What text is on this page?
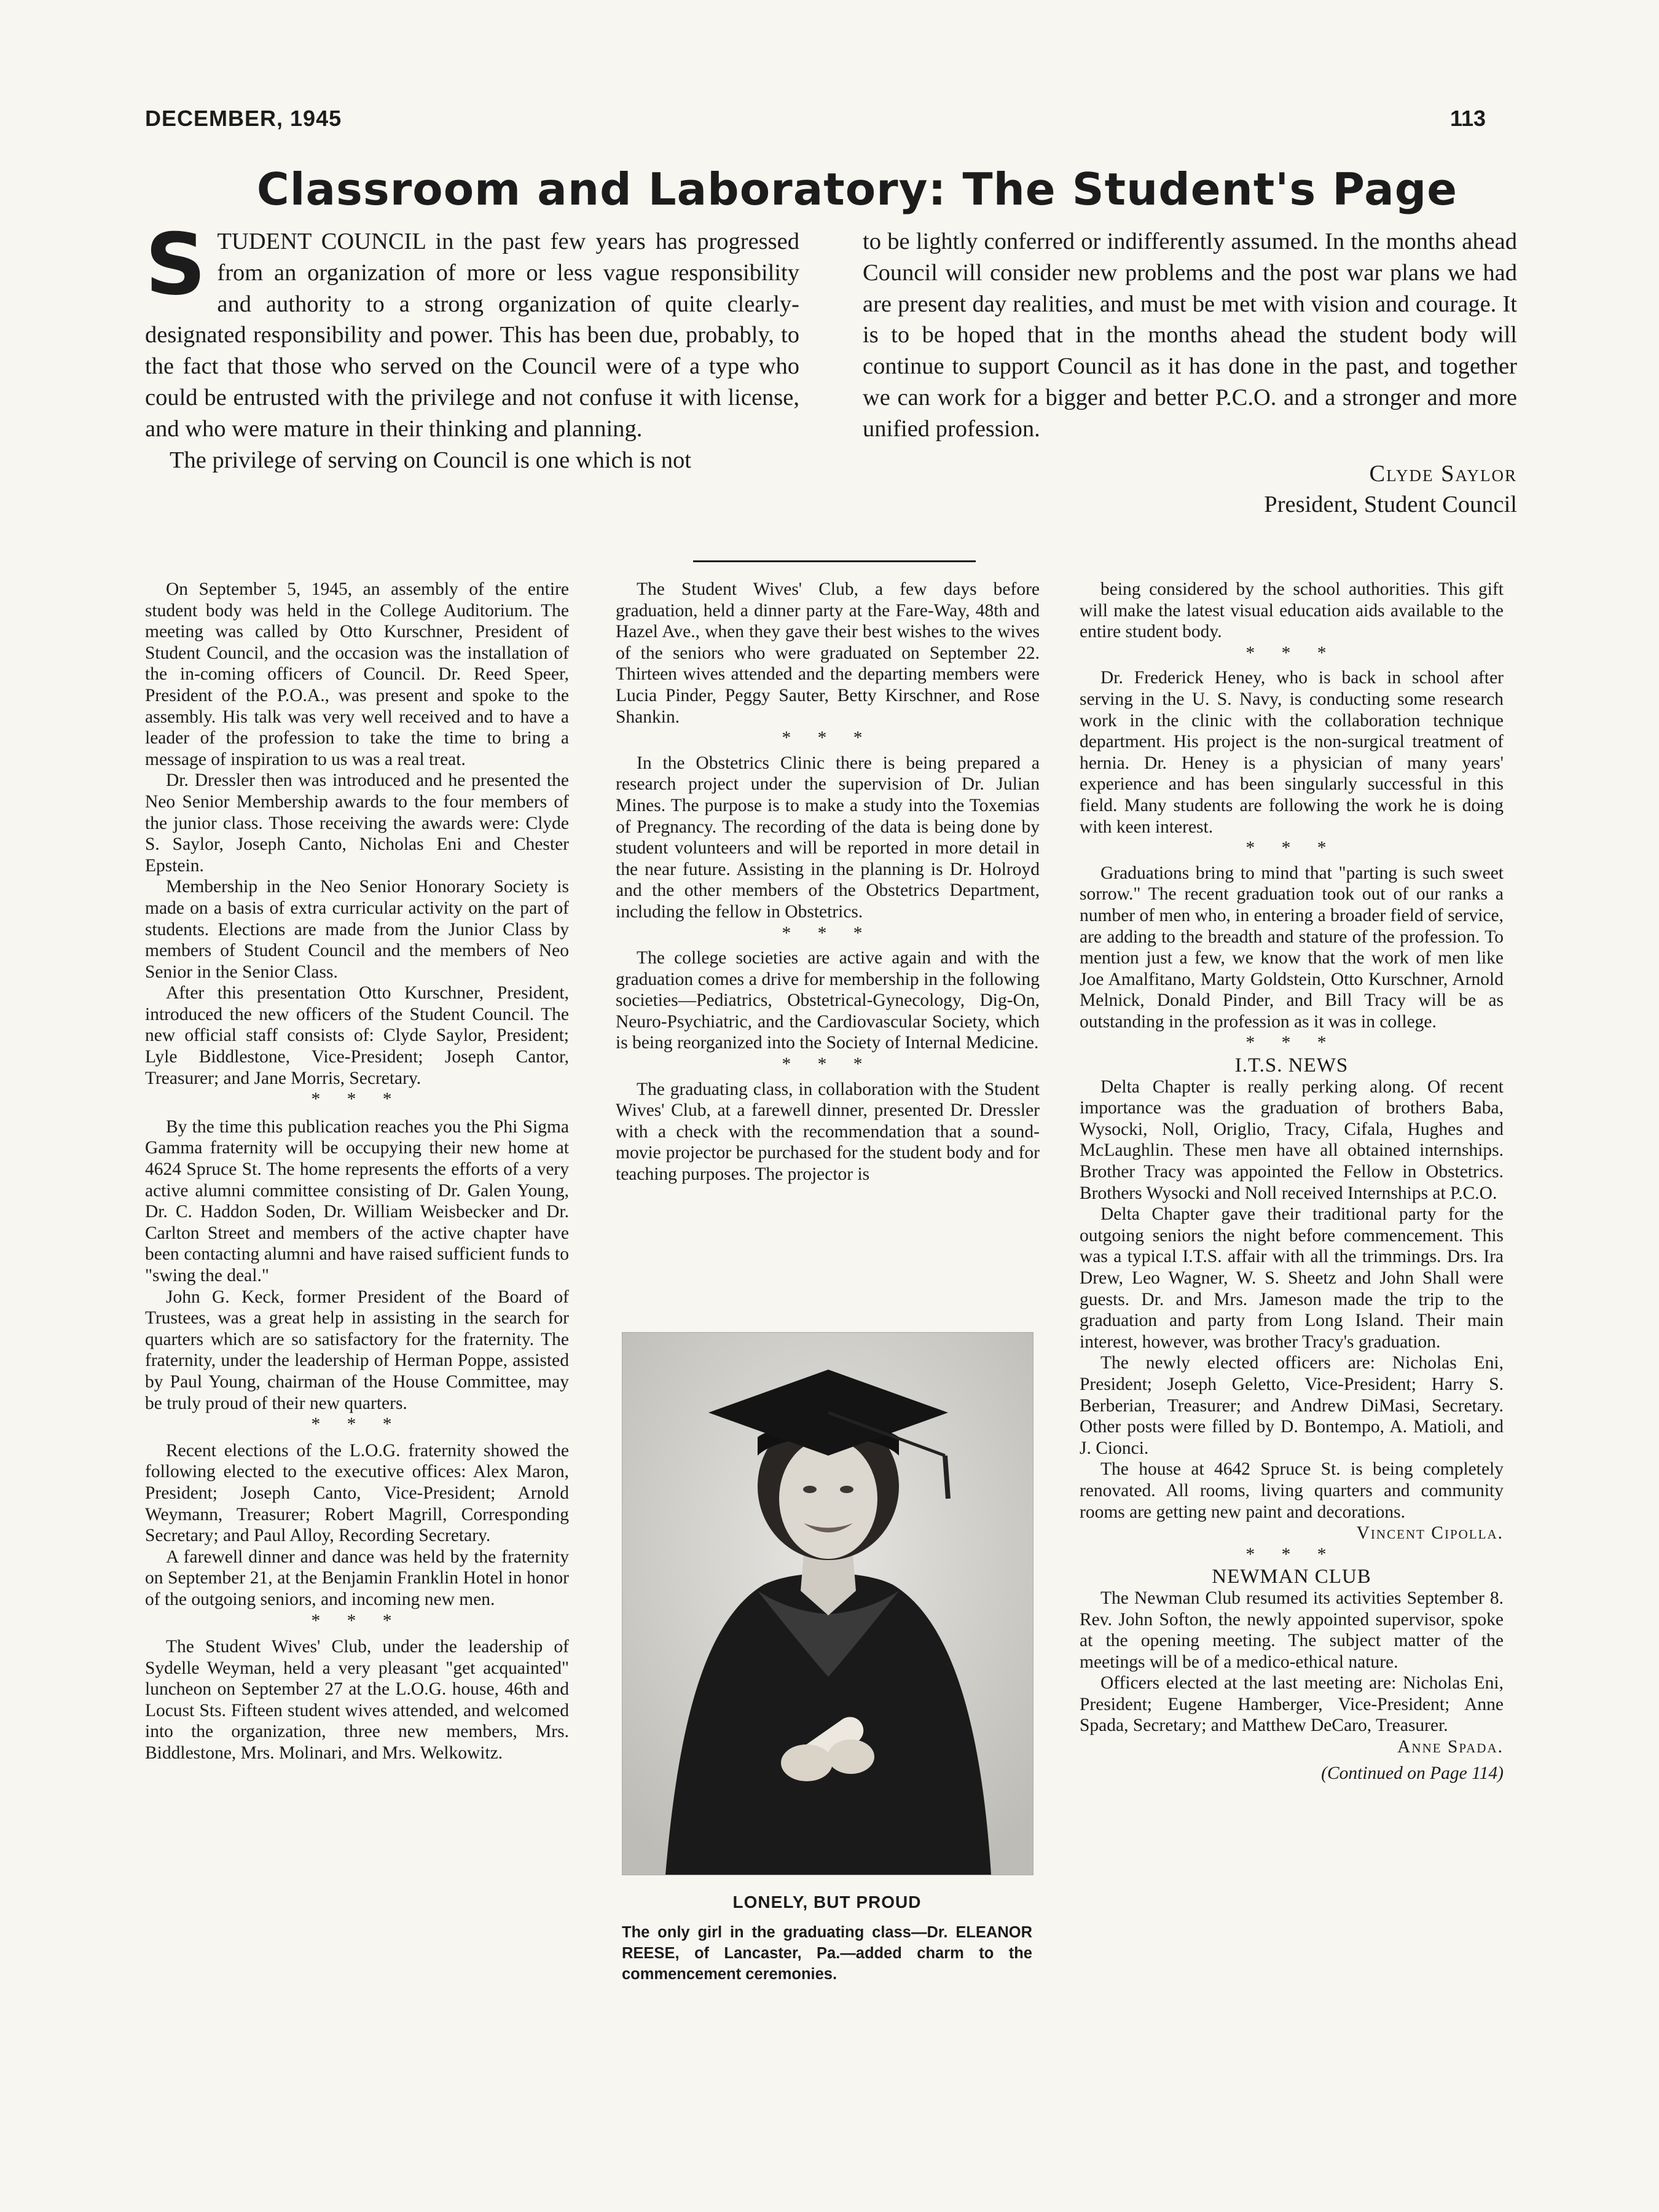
DECEMBER, 1945	113
Classroom and Laboratory: The Student's Page
S TUDENT COUNCIL in the past few years has progressed from an organization of more or less vague responsibility and authority to a strong organization of quite clearly-designated responsibility and power. This has been due, probably, to the fact that those who served on the Council were of a type who could be entrusted with the privilege and not confuse it with license, and who were mature in their thinking and planning.

The privilege of serving on Council is one which is not

to be lightly conferred or indifferently assumed. In the months ahead Council will consider new problems and the post war plans we had are present day realities, and must be met with vision and courage. It is to be hoped that in the months ahead the student body will continue to support Council as it has done in the past, and together we can work for a bigger and better P.C.O. and a stronger and more unified profession.

Clyde Saylor

President, Student Council

On September 5, 1945, an assembly of the entire student body was held in the College Auditorium. The meeting was called by Otto Kurschner, President of Student Council, and the occasion was the installation of the in-coming officers of Council. Dr. Reed Speer, President of the P.O.A., was present and spoke to the assembly. His talk was very well received and to have a leader of the profession to take the time to bring a message of inspiration to us was a real treat.

Dr. Dressler then was introduced and he presented the Neo Senior Membership awards to the four members of the junior class. Those receiving the awards were: Clyde S. Saylor, Joseph Canto, Nicholas Eni and Chester Epstein.

Membership in the Neo Senior Honorary Society is made on a basis of extra curricular activity on the part of students. Elections are made from the Junior Class by members of Student Council and the members of Neo Senior in the Senior Class.

After this presentation Otto Kurschner, President, introduced the new officers of the Student Council. The new official staff consists of: Clyde Saylor, President; Lyle Biddlestone, Vice-President; Joseph Cantor, Treasurer; and Jane Morris, Secretary.

* * *

By the time this publication reaches you the Phi Sigma Gamma fraternity will be occupying their new home at 4624 Spruce St. The home represents the efforts of a very active alumni committee consisting of Dr. Galen Young, Dr. C. Haddon Soden, Dr. William Weisbecker and Dr. Carlton Street and members of the active chapter have been contacting alumni and have raised sufficient funds to "swing the deal."

John G. Keck, former President of the Board of Trustees, was a great help in assisting in the search for quarters which are so satisfactory for the fraternity. The fraternity, under the leadership of Herman Poppe, assisted by Paul Young, chairman of the House Committee, may be truly proud of their new quarters.

* * *

Recent elections of the L.O.G. fraternity showed the following elected to the executive offices: Alex Maron, President; Joseph Canto, Vice-President; Arnold Weymann, Treasurer; Robert Magrill, Corresponding Secretary; and Paul Alloy, Recording Secretary.

A farewell dinner and dance was held by the fraternity on September 21, at the Benjamin Franklin Hotel in honor of the outgoing seniors, and incoming new men.

* * *

The Student Wives' Club, under the leadership of Sydelle Weyman, held a very pleasant "get acquainted" luncheon on September 27 at the L.O.G. house, 46th and Locust Sts. Fifteen student wives attended, and welcomed into the organization, three new members, Mrs. Biddlestone, Mrs. Molinari, and Mrs. Welkowitz.

The Student Wives' Club, a few days before graduation, held a dinner party at the Fare-Way, 48th and Hazel Ave., when they gave their best wishes to the wives of the seniors who were graduated on September 22. Thirteen wives attended and the departing members were Lucia Pinder, Peggy Sauter, Betty Kirschner, and Rose Shankin.

* * *

In the Obstetrics Clinic there is being prepared a research project under the supervision of Dr. Julian Mines. The purpose is to make a study into the Toxemias of Pregnancy. The recording of the data is being done by student volunteers and will be reported in more detail in the near future. Assisting in the planning is Dr. Holroyd and the other members of the Obstetrics Department, including the fellow in Obstetrics.

* * *

The college societies are active again and with the graduation comes a drive for membership in the following societies—Pediatrics, Obstetrical-Gynecology, Dig-On, Neuro-Psychiatric, and the Cardiovascular Society, which is being reorganized into the Society of Internal Medicine.

* * *

The graduating class, in collaboration with the Student Wives' Club, at a farewell dinner, presented Dr. Dressler with a check with the recommendation that a sound-movie projector be purchased for the student body and for teaching purposes. The projector is

LONELY, BUT PROUD
The only girl in the graduating class—Dr. ELEANOR REESE, of Lancaster, Pa.—added charm to the commencement ceremonies.

being considered by the school authorities. This gift will make the latest visual education aids available to the entire student body.

* * *

Dr. Frederick Heney, who is back in school after serving in the U. S. Navy, is conducting some research work in the clinic with the collaboration technique department. His project is the non-surgical treatment of hernia. Dr. Heney is a physician of many years' experience and has been singularly successful in this field. Many students are following the work he is doing with keen interest.

* * *

Graduations bring to mind that "parting is such sweet sorrow." The recent graduation took out of our ranks a number of men who, in entering a broader field of service, are adding to the breadth and stature of the profession. To mention just a few, we know that the work of men like Joe Amalfitano, Marty Goldstein, Otto Kurschner, Arnold Melnick, Donald Pinder, and Bill Tracy will be as outstanding in the profession as it was in college.

* * *

I.T.S. NEWS

Delta Chapter is really perking along. Of recent importance was the graduation of brothers Baba, Wysocki, Noll, Origlio, Tracy, Cifala, Hughes and McLaughlin. These men have all obtained internships. Brother Tracy was appointed the Fellow in Obstetrics. Brothers Wysocki and Noll received Internships at P.C.O.

Delta Chapter gave their traditional party for the outgoing seniors the night before commencement. This was a typical I.T.S. affair with all the trimmings. Drs. Ira Drew, Leo Wagner, W. S. Sheetz and John Shall were guests. Dr. and Mrs. Jameson made the trip to the graduation and party from Long Island. Their main interest, however, was brother Tracy's graduation.

The newly elected officers are: Nicholas Eni, President; Joseph Geletto, Vice-President; Harry S. Berberian, Treasurer; and Andrew DiMasi, Secretary. Other posts were filled by D. Bontempo, A. Matioli, and J. Cionci.

The house at 4642 Spruce St. is being completely renovated. All rooms, living quarters and community rooms are getting new paint and decorations.

Vincent Cipolla.

* * *

NEWMAN CLUB

The Newman Club resumed its activities September 8. Rev. John Softon, the newly appointed supervisor, spoke at the opening meeting. The subject matter of the meetings will be of a medico-ethical nature.

Officers elected at the last meeting are: Nicholas Eni, President; Eugene Hamberger, Vice-President; Anne Spada, Secretary; and Matthew DeCaro, Treasurer.

Anne Spada.

(Continued on Page 114)
